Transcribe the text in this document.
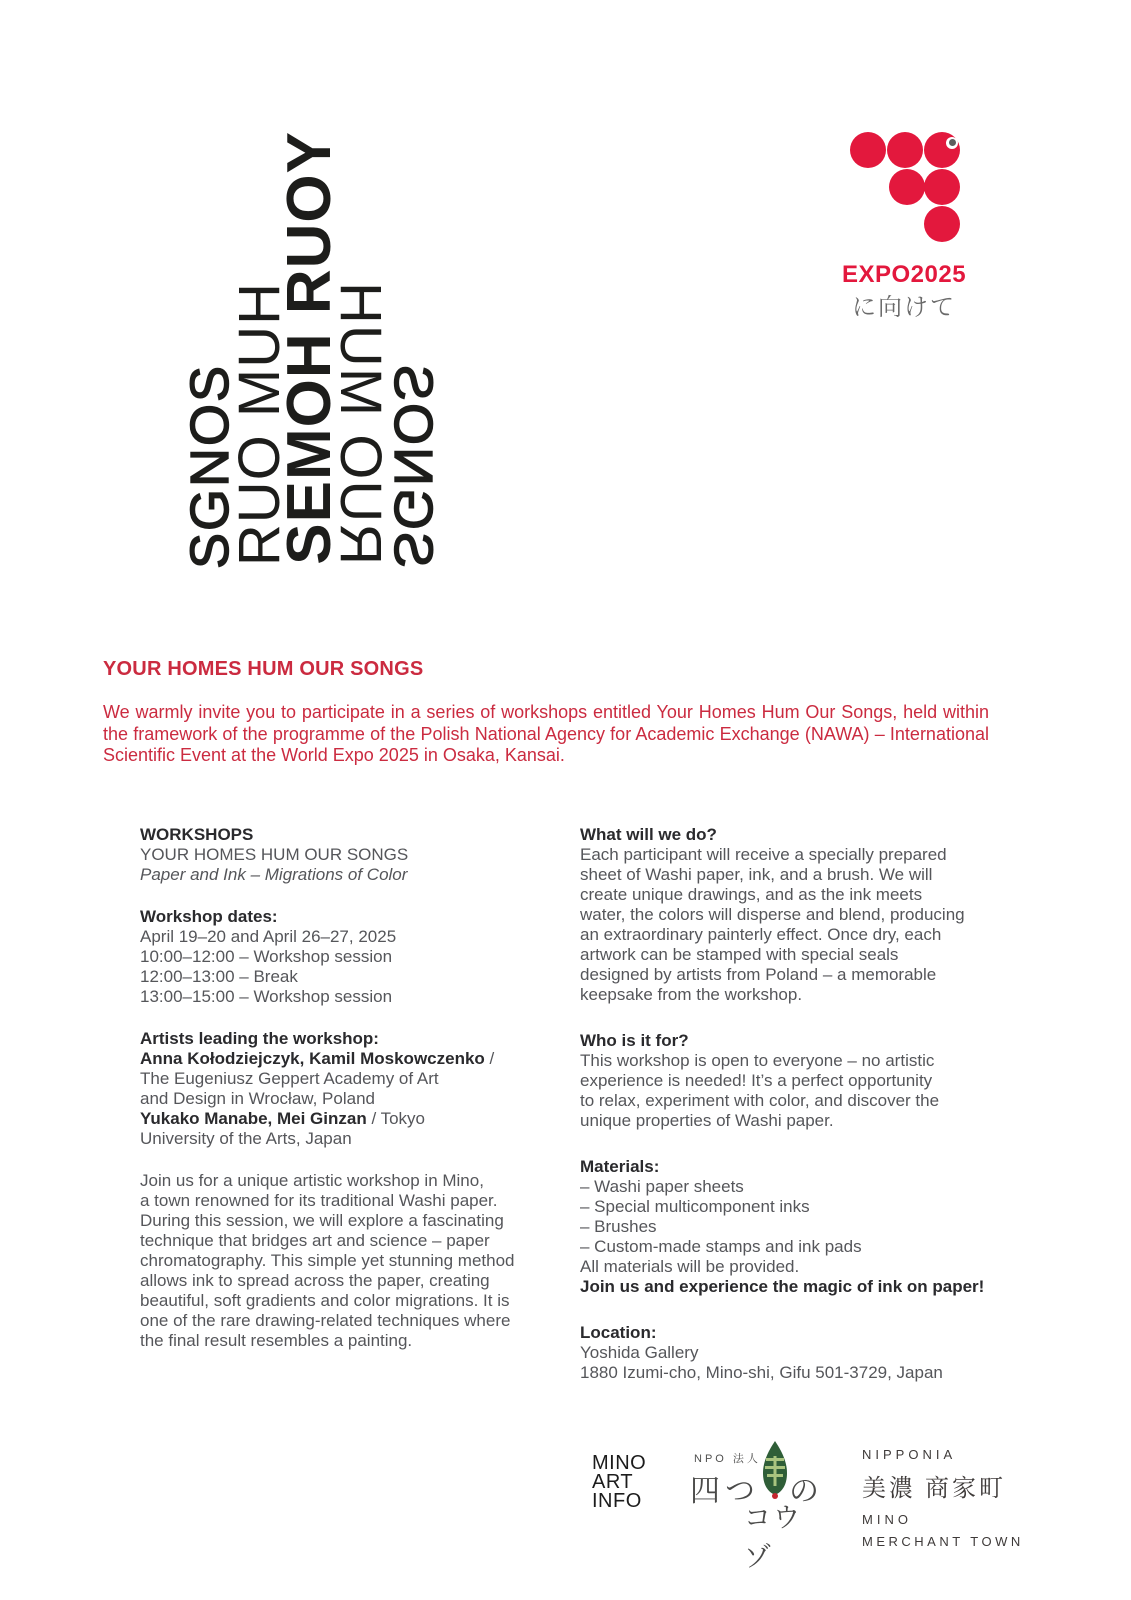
SGNOS
RUO MUH
SEMOH RUOY
RUO MUH
SGNOS
EXPO2025
に向けて
YOUR HOMES HUM OUR SONGS

We warmly invite you to participate in a series of workshops entitled Your Homes Hum Our Songs, held within the framework of the programme of the Polish National Agency for Academic Exchange (NAWA) – International Scientific Event at the World Expo 2025 in Osaka, Kansai.

WORKSHOPS
YOUR HOMES HUM OUR SONGS
Paper and Ink – Migrations of Color

Workshop dates:
April 19–20 and April 26–27, 2025
10:00–12:00 – Workshop session
12:00–13:00 – Break
13:00–15:00 – Workshop session

Artists leading the workshop:
Anna Kołodziejczyk, Kamil Moskowczenko /
The Eugeniusz Geppert Academy of Art
and Design in Wrocław, Poland
Yukako Manabe, Mei Ginzan / Tokyo
University of the Arts, Japan

Join us for a unique artistic workshop in Mino,
a town renowned for its traditional Washi paper.
During this session, we will explore a fascinating
technique that bridges art and science – paper
chromatography. This simple yet stunning method
allows ink to spread across the paper, creating
beautiful, soft gradients and color migrations. It is
one of the rare drawing-related techniques where
the final result resembles a painting.

What will we do?
Each participant will receive a specially prepared
sheet of Washi paper, ink, and a brush. We will
create unique drawings, and as the ink meets
water, the colors will disperse and blend, producing
an extraordinary painterly effect. Once dry, each
artwork can be stamped with special seals
designed by artists from Poland – a memorable
keepsake from the workshop.

Who is it for?
This workshop is open to everyone – no artistic
experience is needed! It’s a perfect opportunity
to relax, experiment with color, and discover the
unique properties of Washi paper.

Materials:
– Washi paper sheets
– Special multicomponent inks
– Brushes
– Custom-made stamps and ink pads
All materials will be provided.
Join us and experience the magic of ink on paper!

Location:
Yoshida Gallery
1880 Izumi-cho, Mino-shi, Gifu 501-3729, Japan

MINO
ART
INFO
NPO 法人
四つ の
コウゾ
NIPPONIA
美濃 商家町
MINO
MERCHANT TOWN
